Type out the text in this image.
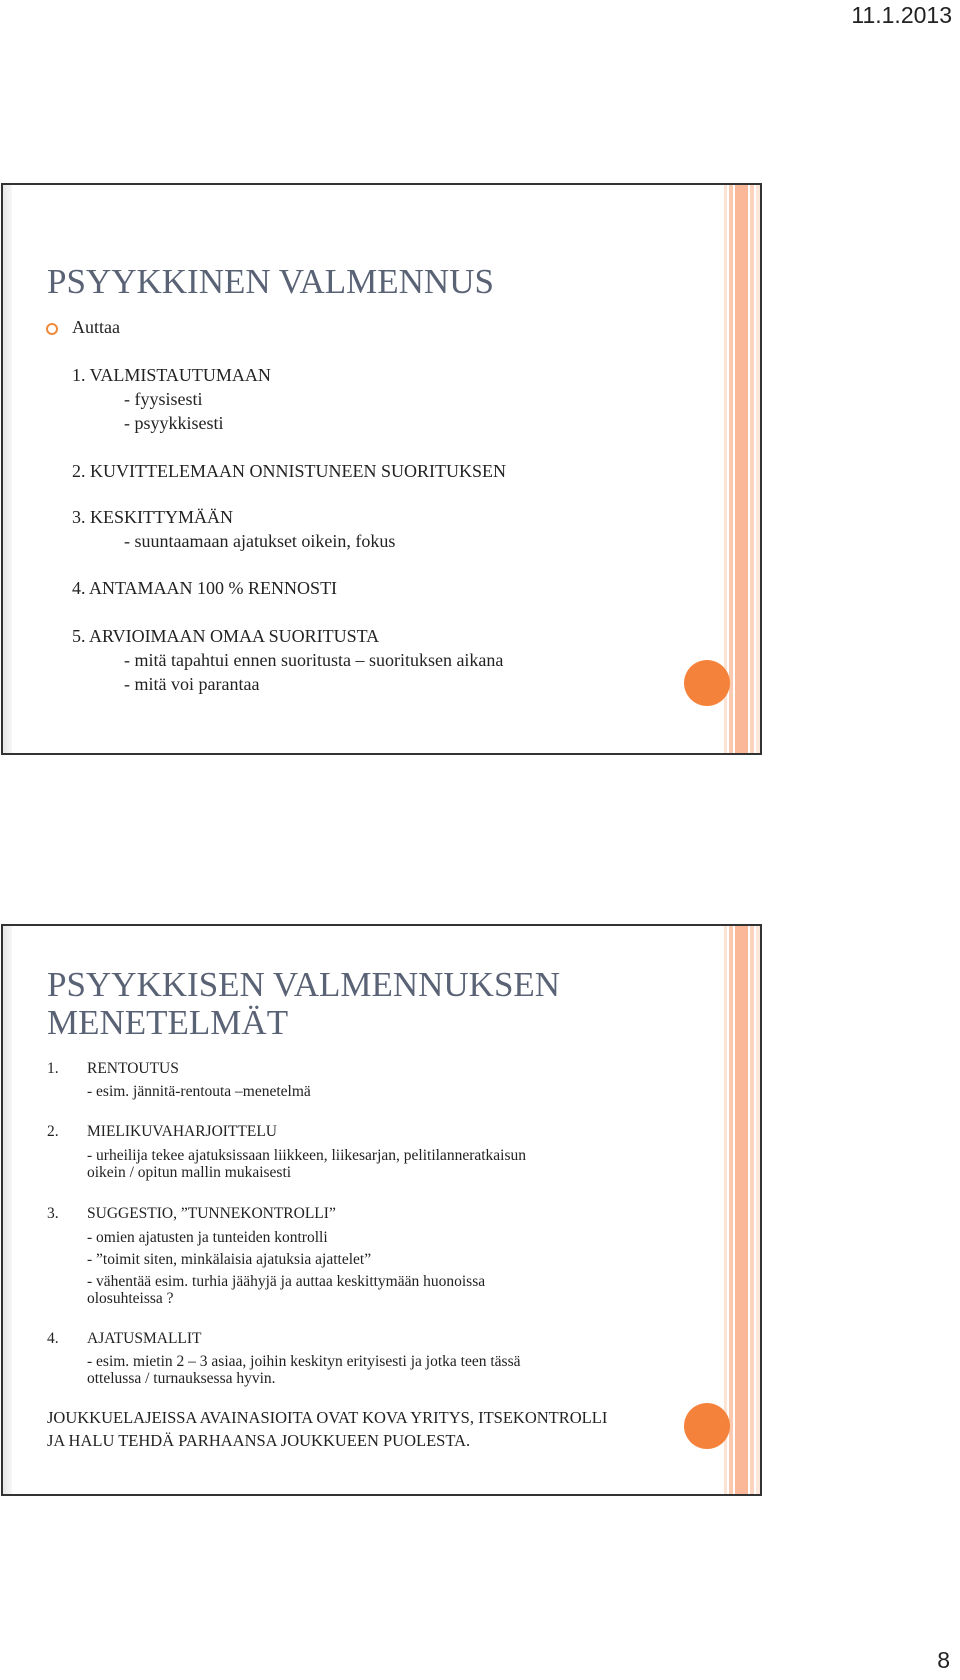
11.1.2013
PSYYKKINEN VALMENNUS
Auttaa
1. VALMISTAUTUMAAN
- fyysisesti
- psyykkisesti
2. KUVITTELEMAAN ONNISTUNEEN SUORITUKSEN
3. KESKITTYMÄÄN
- suuntaamaan ajatukset oikein, fokus
4. ANTAMAAN 100 % RENNOSTI
5. ARVIOIMAAN OMAA SUORITUSTA
- mitä tapahtui ennen suoritusta – suorituksen aikana
- mitä voi parantaa
PSYYKKISEN VALMENNUKSEN
MENETELMÄT
1. RENTOUTUS
- esim. jännitä-rentouta –menetelmä
2. MIELIKUVAHARJOITTELU
- urheilija tekee ajatuksissaan liikkeen, liikesarjan, pelitilanneratkaisun
oikein / opitun mallin mukaisesti
3. SUGGESTIO, ”TUNNEKONTROLLI”
- omien ajatusten ja tunteiden kontrolli
- ”toimit siten, minkälaisia ajatuksia ajattelet”
- vähentää esim. turhia jäähyjä ja auttaa keskittymään huonoissa
olosuhteissa ?
4. AJATUSMALLIT
- esim. mietin 2 – 3 asiaa, joihin keskityn erityisesti ja jotka teen tässä
ottelussa / turnauksessa hyvin.
JOUKKUELAJEISSA AVAINASIOITA OVAT KOVA YRITYS, ITSEKONTROLLI
JA HALU TEHDÄ PARHAANSA JOUKKUEEN PUOLESTA.
8
